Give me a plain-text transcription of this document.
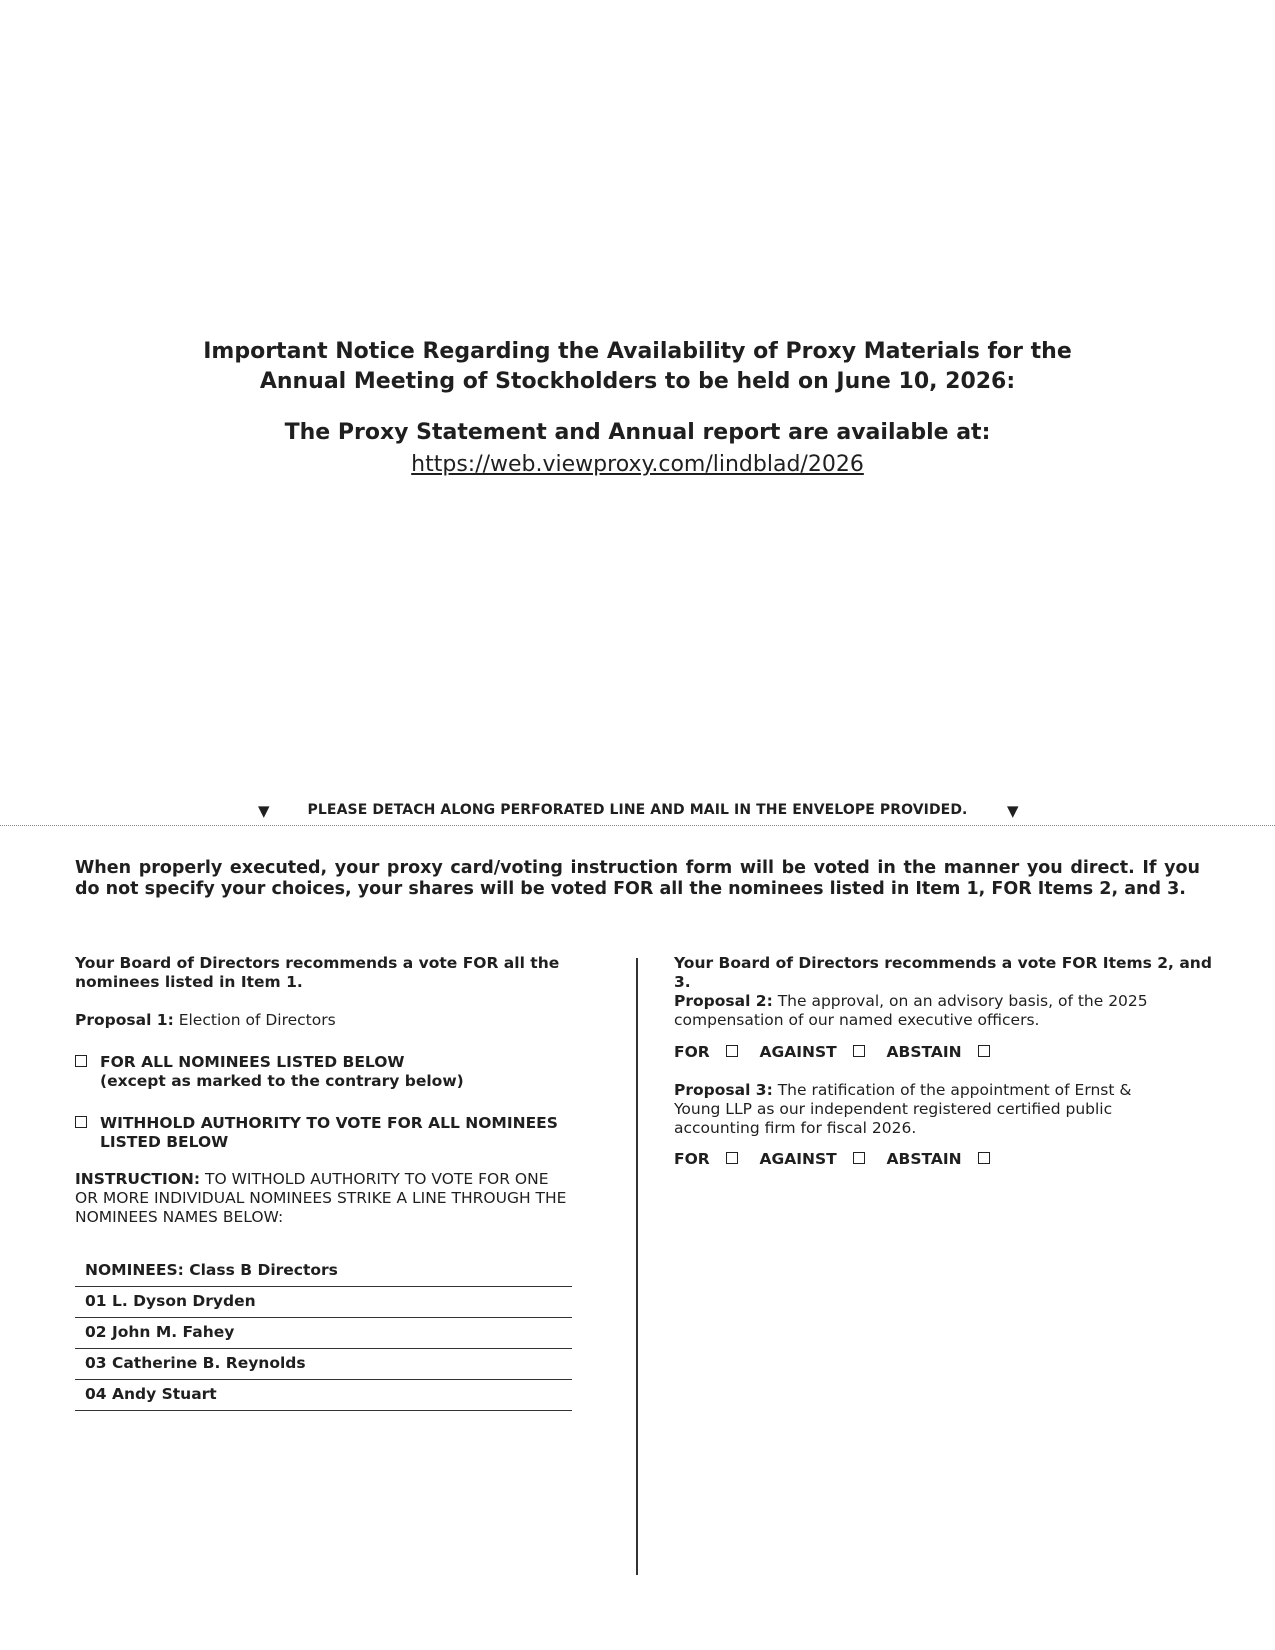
Important Notice Regarding the Availability of Proxy Materials for the
Annual Meeting of Stockholders to be held on June 10, 2026:
The Proxy Statement and Annual report are available at:
https://web.viewproxy.com/lindblad/2026
▼	PLEASE DETACH ALONG PERFORATED LINE AND MAIL IN THE ENVELOPE PROVIDED.	▼
When properly executed, your proxy card/voting instruction form will be voted in the manner you direct. If you do not specify your choices, your shares will be voted FOR all the nominees listed in Item 1, FOR Items 2, and 3.
Your Board of Directors recommends a vote FOR all the nominees listed in Item 1.
Proposal 1: Election of Directors
FOR ALL NOMINEES LISTED BELOW
(except as marked to the contrary below)
WITHHOLD AUTHORITY TO VOTE FOR ALL NOMINEES
LISTED BELOW
INSTRUCTION: TO WITHOLD AUTHORITY TO VOTE FOR ONE OR MORE INDIVIDUAL NOMINEES STRIKE A LINE THROUGH THE NOMINEES NAMES BELOW:
NOMINEES: Class B Directors
01 L. Dyson Dryden
02 John M. Fahey
03 Catherine B. Reynolds
04 Andy Stuart
Your Board of Directors recommends a vote FOR Items 2, and 3.
Proposal 2: The approval, on an advisory basis, of the 2025 compensation of our named executive officers.
FOR	AGAINST	ABSTAIN
Proposal 3: The ratification of the appointment of Ernst & Young LLP as our independent registered certified public accounting firm for fiscal 2026.
FOR	AGAINST	ABSTAIN
